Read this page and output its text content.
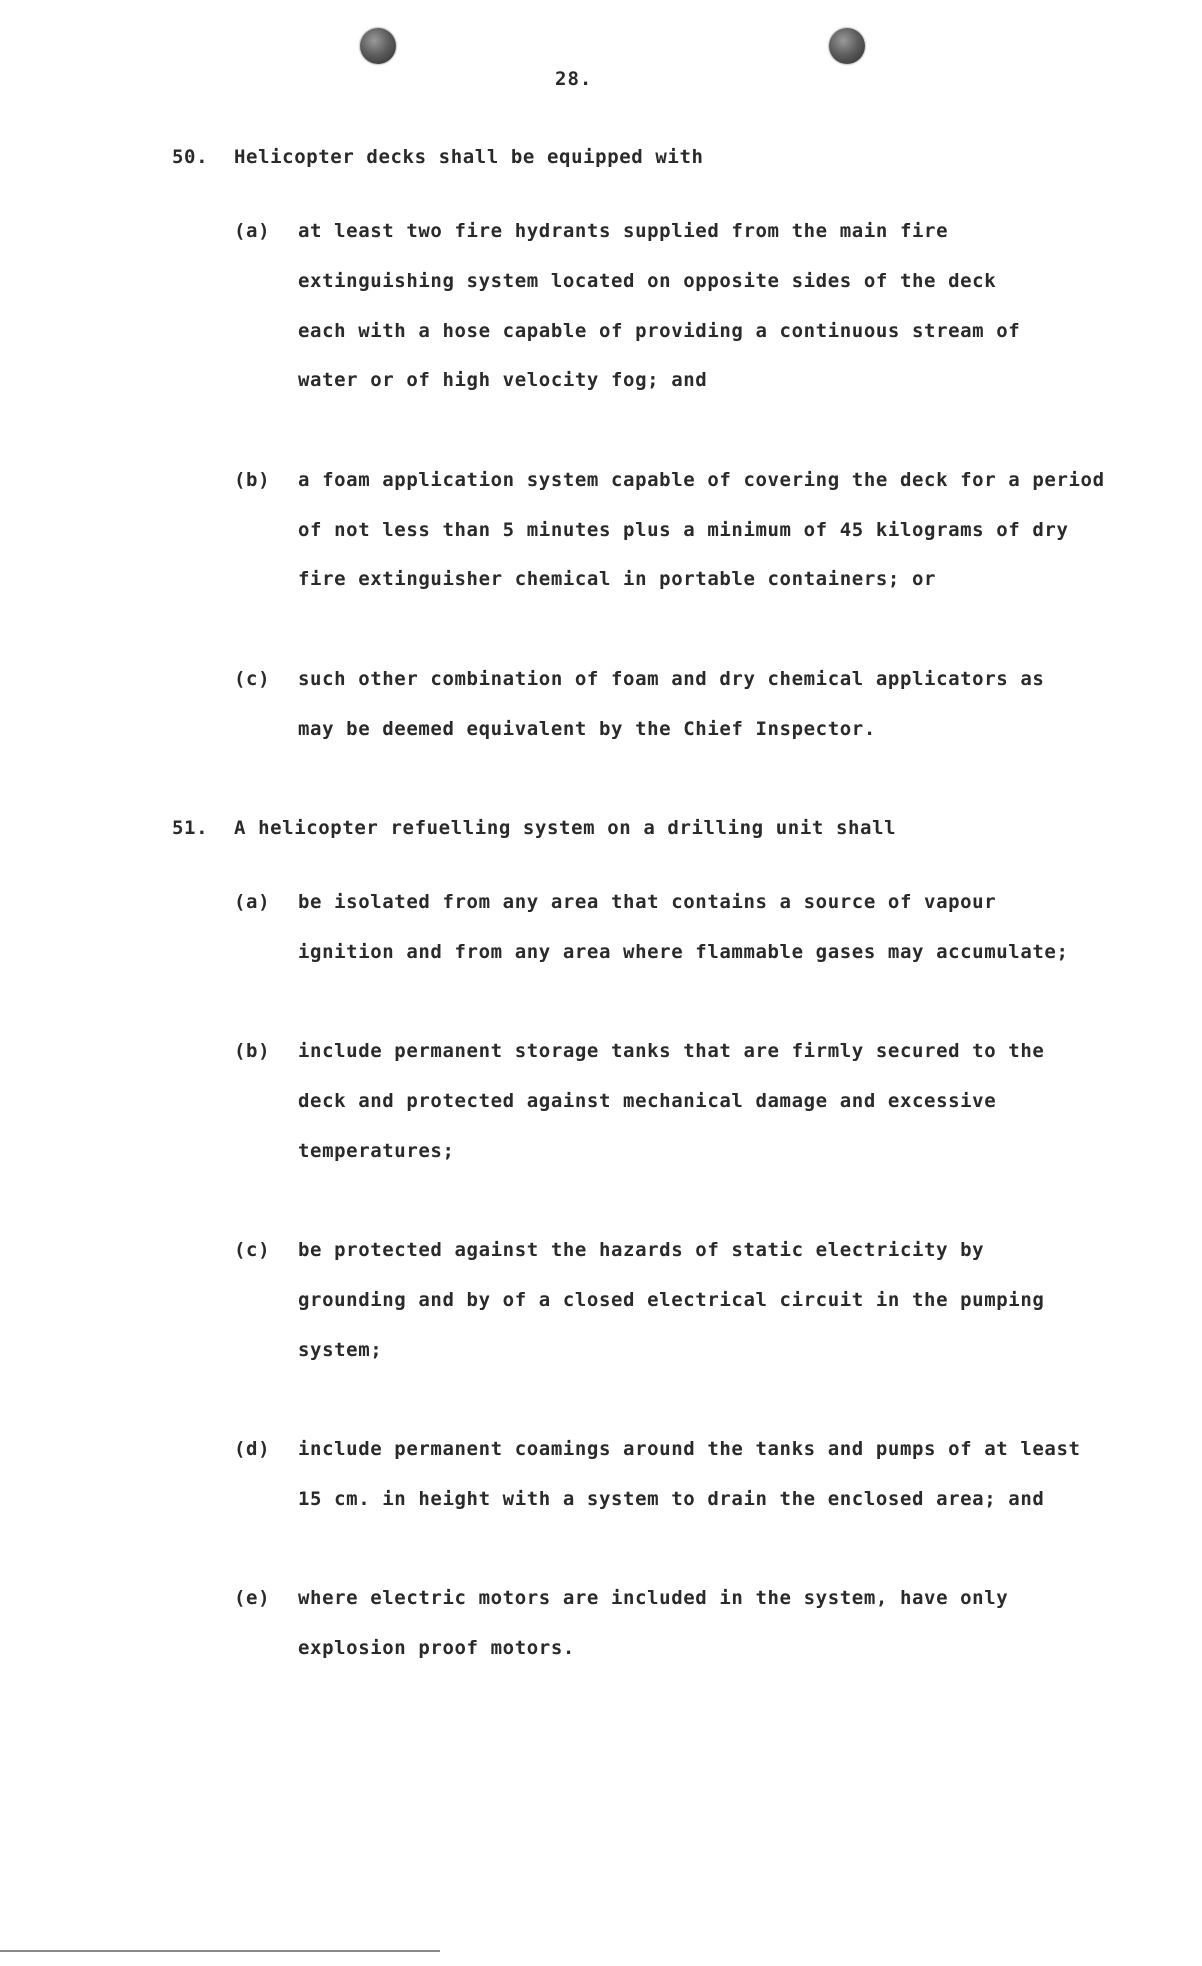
28.
50. Helicopter decks shall be equipped with
(a) at least two fire hydrants supplied from the main fire
extinguishing system located on opposite sides of the deck
each with a hose capable of providing a continuous stream of
water or of high velocity fog; and
(b) a foam application system capable of covering the deck for a period
of not less than 5 minutes plus a minimum of 45 kilograms of dry
fire extinguisher chemical in portable containers; or
(c) such other combination of foam and dry chemical applicators as
may be deemed equivalent by the Chief Inspector.
51. A helicopter refuelling system on a drilling unit shall
(a) be isolated from any area that contains a source of vapour
ignition and from any area where flammable gases may accumulate;
(b) include permanent storage tanks that are firmly secured to the
deck and protected against mechanical damage and excessive
temperatures;
(c) be protected against the hazards of static electricity by
grounding and by of a closed electrical circuit in the pumping
system;
(d) include permanent coamings around the tanks and pumps of at least
15 cm. in height with a system to drain the enclosed area; and
(e) where electric motors are included in the system, have only
explosion proof motors.
